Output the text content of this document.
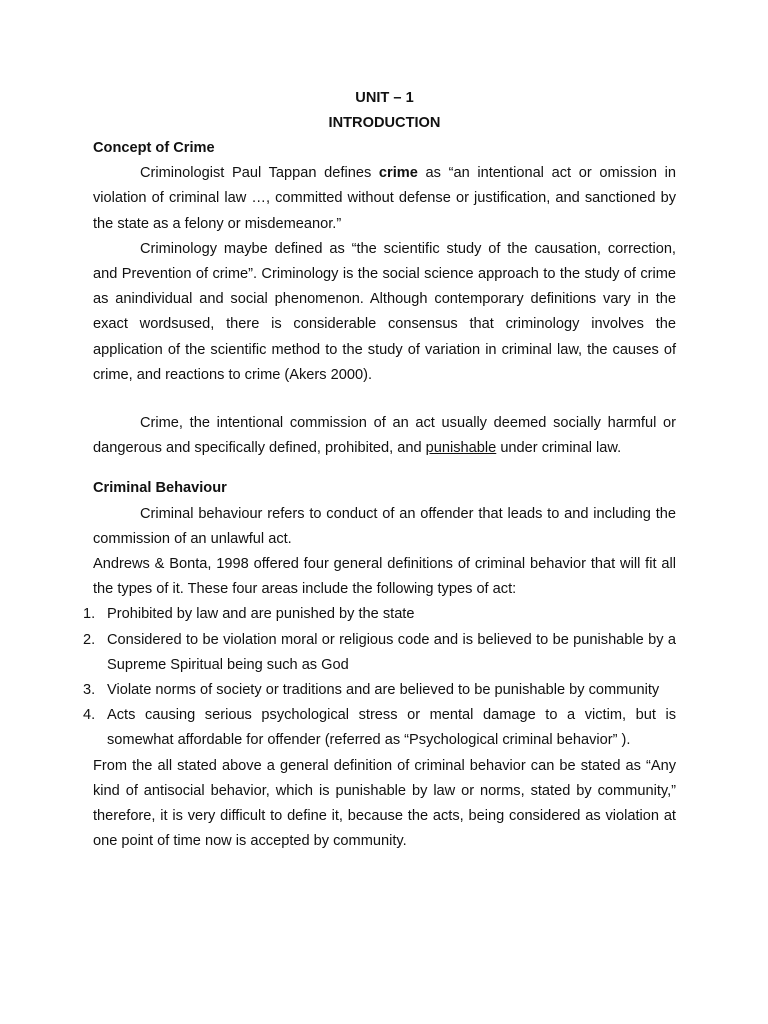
UNIT – 1

INTRODUCTION

Concept of Crime

Criminologist Paul Tappan defines crime as “an intentional act or omission in violation of criminal law …, committed without defense or justification, and sanctioned by the state as a felony or misdemeanor.”

Criminology maybe defined as “the scientific study of the causation, correction, and Prevention of crime”. Criminology is the social science approach to the study of crime as anindividual and social phenomenon. Although contemporary definitions vary in the exact wordsused, there is considerable consensus that criminology involves the application of the scientific method to the study of variation in criminal law, the causes of crime, and reactions to crime (Akers 2000).

Crime, the intentional commission of an act usually deemed socially harmful or dangerous and specifically defined, prohibited, and punishable under criminal law.

Criminal Behaviour

Criminal behaviour refers to conduct of an offender that leads to and including the commission of an unlawful act.

Andrews & Bonta, 1998 offered four general definitions of criminal behavior that will fit all the types of it. These four areas include the following types of act:

1. Prohibited by law and are punished by the state
2. Considered to be violation moral or religious code and is believed to be punishable by a Supreme Spiritual being such as God
3. Violate norms of society or traditions and are believed to be punishable by community
4. Acts causing serious psychological stress or mental damage to a victim, but is somewhat affordable for offender (referred as “Psychological criminal behavior” ).

From the all stated above a general definition of criminal behavior can be stated as “Any kind of antisocial behavior, which is punishable by law or norms, stated by community,” therefore, it is very difficult to define it, because the acts, being considered as violation at one point of time now is accepted by community.
